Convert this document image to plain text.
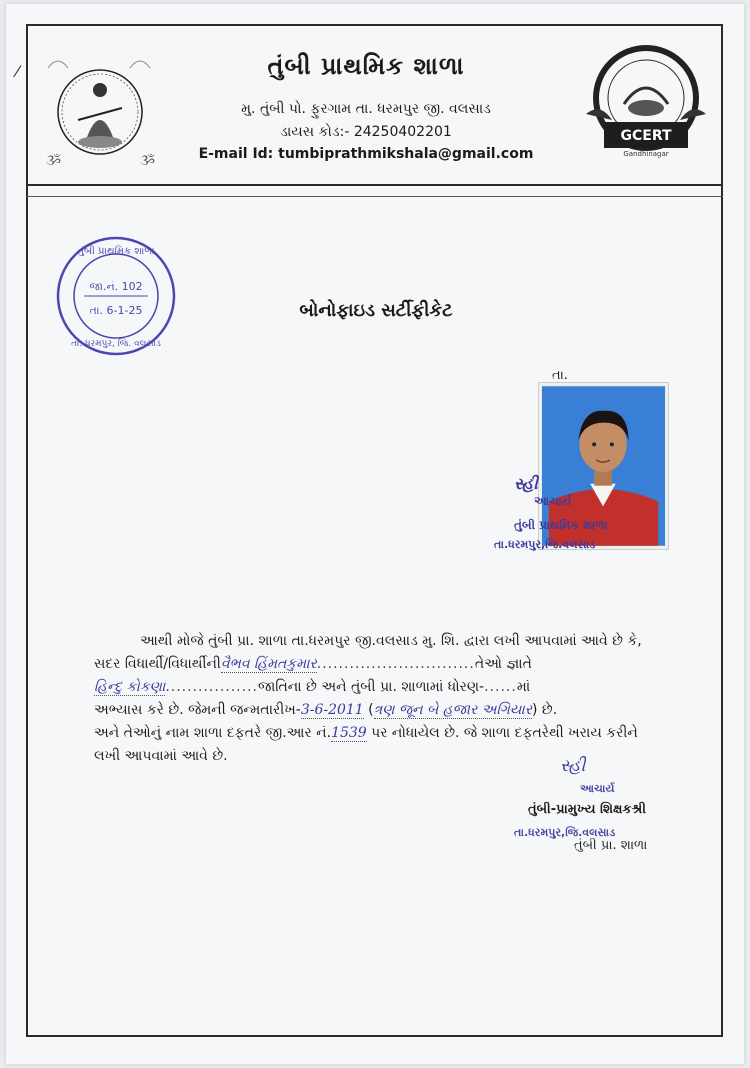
⁄
ૐ	ૐ
તુંબી પ્રાથમિક શાળા
મુ. તુંબી પો. ફુરગામ તા. ધરમપુર જી. વલસાડ
ડાયસ કોડ:- 24250402201
E-mail Id: tumbiprathmikshala@gmail.com
GCERT
Gandhinagar
તુંબી પ્રાથમિક શાળા
તા. ધરમપુર, જિ. વલસાડ
જા.નં. 102
તા. 6-1-25	બોનોફાઇડ સર્ટીફીકેટ
તા.
સ્હી
આચાર્ય
તુંબી પ્રાથમિક શાળા
તા.ધરમપુર,જિ.વલસાડ

આથી મોજે તુંબી પ્રા. શાળા તા.ધરમપુર જી.વલસાડ મુ. શિ. દ્વારા લખી આપવામાં આવે છે કે,

સદર વિધાર્થી/વિધાર્થીનીવૈભવ હિંમતકુમાર.............................તેઓ જ્ઞાતે

હિન્દુ કોકણા.................જાતિના છે અને તુંબી પ્રા. શાળામાં ધોરણ-......માં

અભ્યાસ કરે છે. જેમની જન્મતારીખ-3-6-2011 (ત્રણ જૂન બે હજાર અગિયાર) છે.

અને તેઓનું નામ શાળા દફતરે જી.આર નં.1539 પર નોધાયેલ છે. જે શાળા દફતરેથી ખરાય કરીને

લખી આપવામાં આવે છે.	સ્હી
આચાર્ય
તુંબી-પ્રામુખ્ય શિક્ષકશ્રી
તા.ધરમપુર,જિ.વલસાડ
તુંબી પ્રા. શાળા
